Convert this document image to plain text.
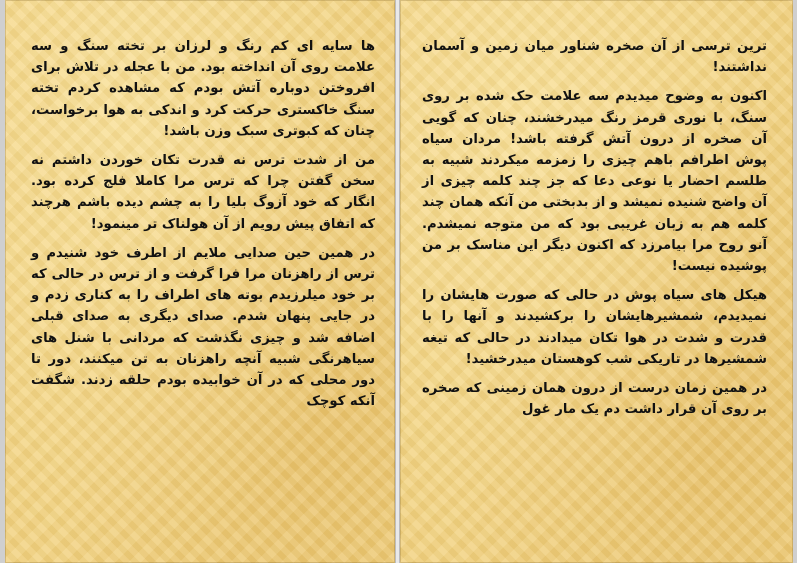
ها سایه ای کم رنگ و لرزان بر تخته سنگ و سه علامت روی آن انداخته بود. من با عجله در تلاش برای افروختن دوباره آتش بودم که مشاهده کردم تخته سنگ خاکستری حرکت کرد و اندکی به هوا برخواست، چنان که کبوتری سبک وزن باشد!

من از شدت ترس نه قدرت تکان خوردن داشتم نه سخن گفتن چرا که ترس مرا کاملا فلج کرده بود. انگار که خود آزوگ بلیا را به چشم دیده باشم هرچند که اتفاق پیش رویم از آن هولناک تر مینمود!

در همین حین صدایی ملایم از اطرف خود شنیدم و ترس از راهزنان مرا فرا گرفت و از ترس در حالی که بر خود میلرزیدم بوته های اطراف را به کناری زدم و در جایی پنهان شدم. صدای دیگری به صدای قبلی اضافه شد و چیزی نگذشت که مردانی با شنل های سیاهرنگی شبیه آنچه راهزنان به تن میکنند، دور تا دور محلی که در آن خوابیده بودم حلقه زدند. شگفت آنکه کوچک

ترین ترسی از آن صخره شناور میان زمین و آسمان نداشتند!

اکنون به وضوح میدیدم سه علامت حک شده بر روی سنگ، با نوری قرمز رنگ میدرخشند، چنان که گویی آن صخره از درون آتش گرفته باشد! مردان سیاه پوش اطرافم باهم چیزی را زمزمه میکردند شبیه به طلسم احضار یا نوعی دعا که جز چند کلمه چیزی از آن واضح شنیده نمیشد و از بدبختی من آنکه همان چند کلمه هم به زبان غریبی بود که من متوجه نمیشدم. آنو روح مرا بیامرزد که اکنون دیگر این مناسک بر من پوشیده نیست!

هیکل های سیاه پوش در حالی که صورت هایشان را نمیدیدم، شمشیرهایشان را برکشیدند و آنها را با قدرت و شدت در هوا تکان میدادند در حالی که تیغه شمشیرها در تاریکی شب کوهستان میدرخشید!

در همین زمان درست از درون همان زمینی که صخره بر روی آن قرار داشت دم یک مار غول
